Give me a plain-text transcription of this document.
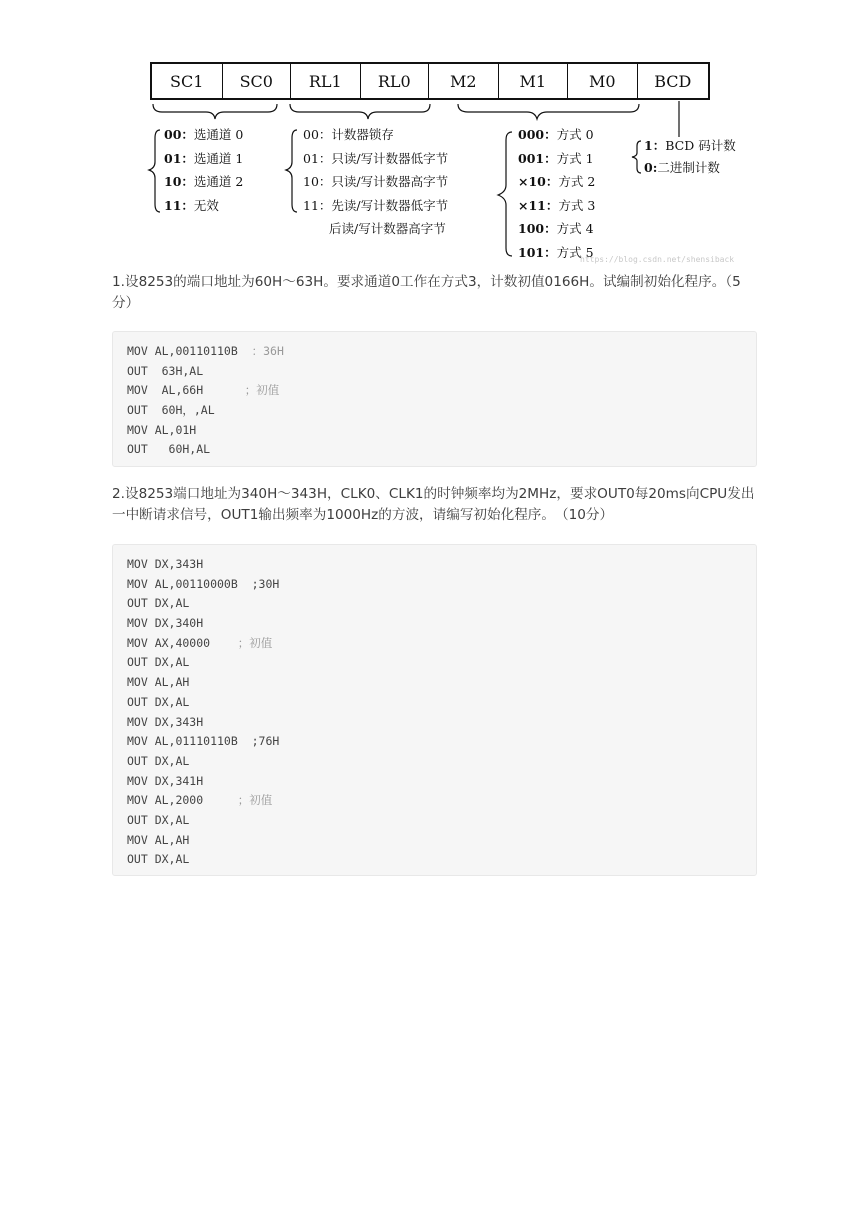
SC1	SC0	RL1	RL0	M2	M1	M0	BCD
00：选通道 0
01：选通道 1
10：选通道 2
11：无效
00：计数器锁存
01：只读/写计数器低字节
10：只读/写计数器高字节
11：先读/写计数器低字节
后读/写计数器高字节
000：方式 0
001：方式 1
×10：方式 2
×11：方式 3
100：方式 4
101：方式 5
1：BCD 码计数
0:二进制计数
https://blog.csdn.net/shensiback
1.设8253的端口地址为60H～63H。要求通道0工作在方式3，计数初值0166H。试编制初始化程序。（5分）
MOV AL,00110110B  ：36H
OUT  63H,AL
MOV  AL,66H      ；初值
OUT  60H，,AL
MOV AL,01H
OUT   60H,AL
2.设8253端口地址为340H～343H，CLK0、CLK1的时钟频率均为2MHz，要求OUT0每20ms向CPU发出一中断请求信号，OUT1输出频率为1000Hz的方波，请编写初始化程序。　（10分）
MOV DX,343H
MOV AL,00110000B  ;30H
OUT DX,AL
MOV DX,340H
MOV AX,40000    ；初值
OUT DX,AL
MOV AL,AH
OUT DX,AL
MOV DX,343H
MOV AL,01110110B  ;76H
OUT DX,AL
MOV DX,341H
MOV AL,2000     ；初值
OUT DX,AL
MOV AL,AH
OUT DX,AL
